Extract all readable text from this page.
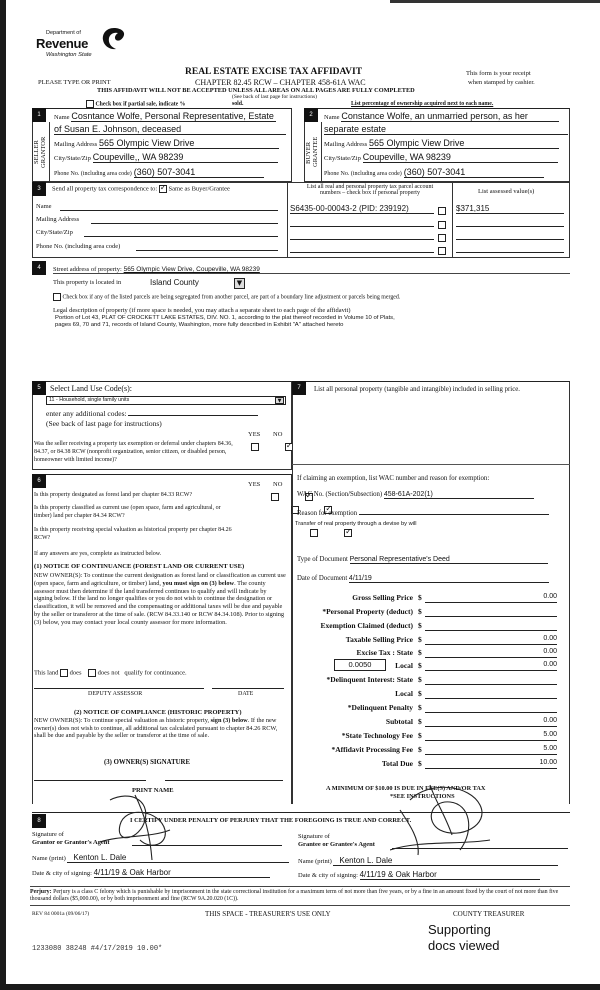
Department of
Revenue
Washington State
REAL ESTATE EXCISE TAX AFFIDAVIT
CHAPTER 82.45 RCW – CHAPTER 458-61A WAC
PLEASE TYPE OR PRINT
This form is your receipt
when stamped by cashier.
THIS AFFIDAVIT WILL NOT BE ACCEPTED UNLESS ALL AREAS ON ALL PAGES ARE FULLY COMPLETED
(See back of last page for instructions)
Check box if partial sale, indicate %	sold.	List percentage of ownership acquired next to each name.
1
SELLER GRANTOR
Name Cosntance Wolfe, Personal Representative, Estate
of Susan E. Johnson, deceased
Mailing Address 565 Olympic View Drive
City/State/Zip Coupeville,, WA 98239
Phone No. (including area code) (360) 507-3041
2
BUYER GRANTEE
Name Constance Wolfe, an unmarried person, as her
separate estate
Mailing Address 565 Olympic View Drive
City/State/Zip Coupeville, WA 98239
Phone No. (including area code) (360) 507-3041
3	Send all property tax correspondence to: ✓ Same as Buyer/Grantee
Name
Mailing Address
City/State/Zip
Phone No. (including area code)
List all real and personal property tax parcel account
numbers – check box if personal property
S6435-00-00043-2 (PID: 239192)
List assessed value(s)
$371,315
4	Street address of property: 565 Olympic View Drive, Coupeville, WA 98239
This property is located in	Island County	▼
Check box if any of the listed parcels are being segregated from another parcel, are part of a boundary line adjustment or parcels being merged.
Legal description of property (if more space is needed, you may attach a separate sheet to each page of the affidavit)
Portion of Lot 43, PLAT OF CROCKETT LAKE ESTATES, DIV. NO. 1, according to the plat thereof recorded in Volume 10 of Plats,
pages 69, 70 and 71, records of Island County, Washington, more fully described in Exhibit "A" attached hereto
5	Select Land Use Code(s):
11 - Household, single family units	▼
enter any additional codes:
(See back of last page for instructions)
YES NO
Was the seller receiving a property tax exemption or deferral under chapters 84.36, 84.37, or 84.38 RCW (nonprofit organization, senior citizen, or disabled person, homeowner with limited income)?
✓
6	YES NO
Is this property designated as forest land per chapter 84.33 RCW?
✓
Is this property classified as current use (open space, farm and agricultural, or timber) land per chapter 84.34 RCW?
✓
Is this property receiving special valuation as historical property per chapter 84.26 RCW?
✓
If any answers are yes, complete as instructed below.
(1) NOTICE OF CONTINUANCE (FOREST LAND OR CURRENT USE)
NEW OWNER(S): To continue the current designation as forest land or classification as current use (open space, farm and agriculture, or timber) land, you must sign on (3) below. The county assessor must then determine if the land transferred continues to qualify and will indicate by signing below. If the land no longer qualifies or you do not wish to continue the designation or classification, it will be removed and the compensating or additional taxes will be due and payable by the seller or transferor at the time of sale. (RCW 84.33.140 or RCW 84.34.108). Prior to signing (3) below, you may contact your local county assessor for more information.
This land does does not qualify for continuance.
DEPUTY ASSESSOR	DATE
(2) NOTICE OF COMPLIANCE (HISTORIC PROPERTY)
NEW OWNER(S): To continue special valuation as historic property, sign (3) below. If the new owner(s) does not wish to continue, all additional tax calculated pursuant to chapter 84.26 RCW, shall be due and payable by the seller or transferor at the time of sale.
(3) OWNER(S) SIGNATURE
PRINT NAME
7	List all personal property (tangible and intangible) included in selling price.
If claiming an exemption, list WAC number and reason for exemption:
WAC No. (Section/Subsection) 458-61A-202(1)
Reason for exemption
Transfer of real property through a devise by will
Type of Document Personal Representative's Deed
Date of Document 4/11/19
Gross Selling Price $	0.00
*Personal Property (deduct) $
Exemption Claimed (deduct) $
Taxable Selling Price $	0.00
Excise Tax : State $	0.00
0.0050	Local $	0.00
*Delinquent Interest: State $
Local $
*Delinquent Penalty $
Subtotal $	0.00
*State Technology Fee $	5.00
*Affidavit Processing Fee $	5.00
Total Due $	10.00
A MINIMUM OF $10.00 IS DUE IN FEE(S) AND/OR TAX
*SEE INSTRUCTIONS
8	I CERTIFY UNDER PENALTY OF PERJURY THAT THE FOREGOING IS TRUE AND CORRECT.
Signature of
Grantor or Grantor's Agent
Name (print) Kenton L. Dale
Date & city of signing: 4/11/19 & Oak Harbor
Signature of
Grantee or Grantee's Agent
Name (print) Kenton L. Dale
Date & city of signing: 4/11/19 & Oak Harbor
Perjury: Perjury is a class C felony which is punishable by imprisonment in the state correctional institution for a maximum term of not more than five years, or by a fine in an amount fixed by the court of not more than five thousand dollars ($5,000.00), or by both imprisonment and fine (RCW 9A.20.020 (1C)).
REV 84 0001a (09/06/17)	THIS SPACE - TREASURER'S USE ONLY	COUNTY TREASURER
Supporting
docs viewed
1233080 38248 #4/17/2019 10.00*
